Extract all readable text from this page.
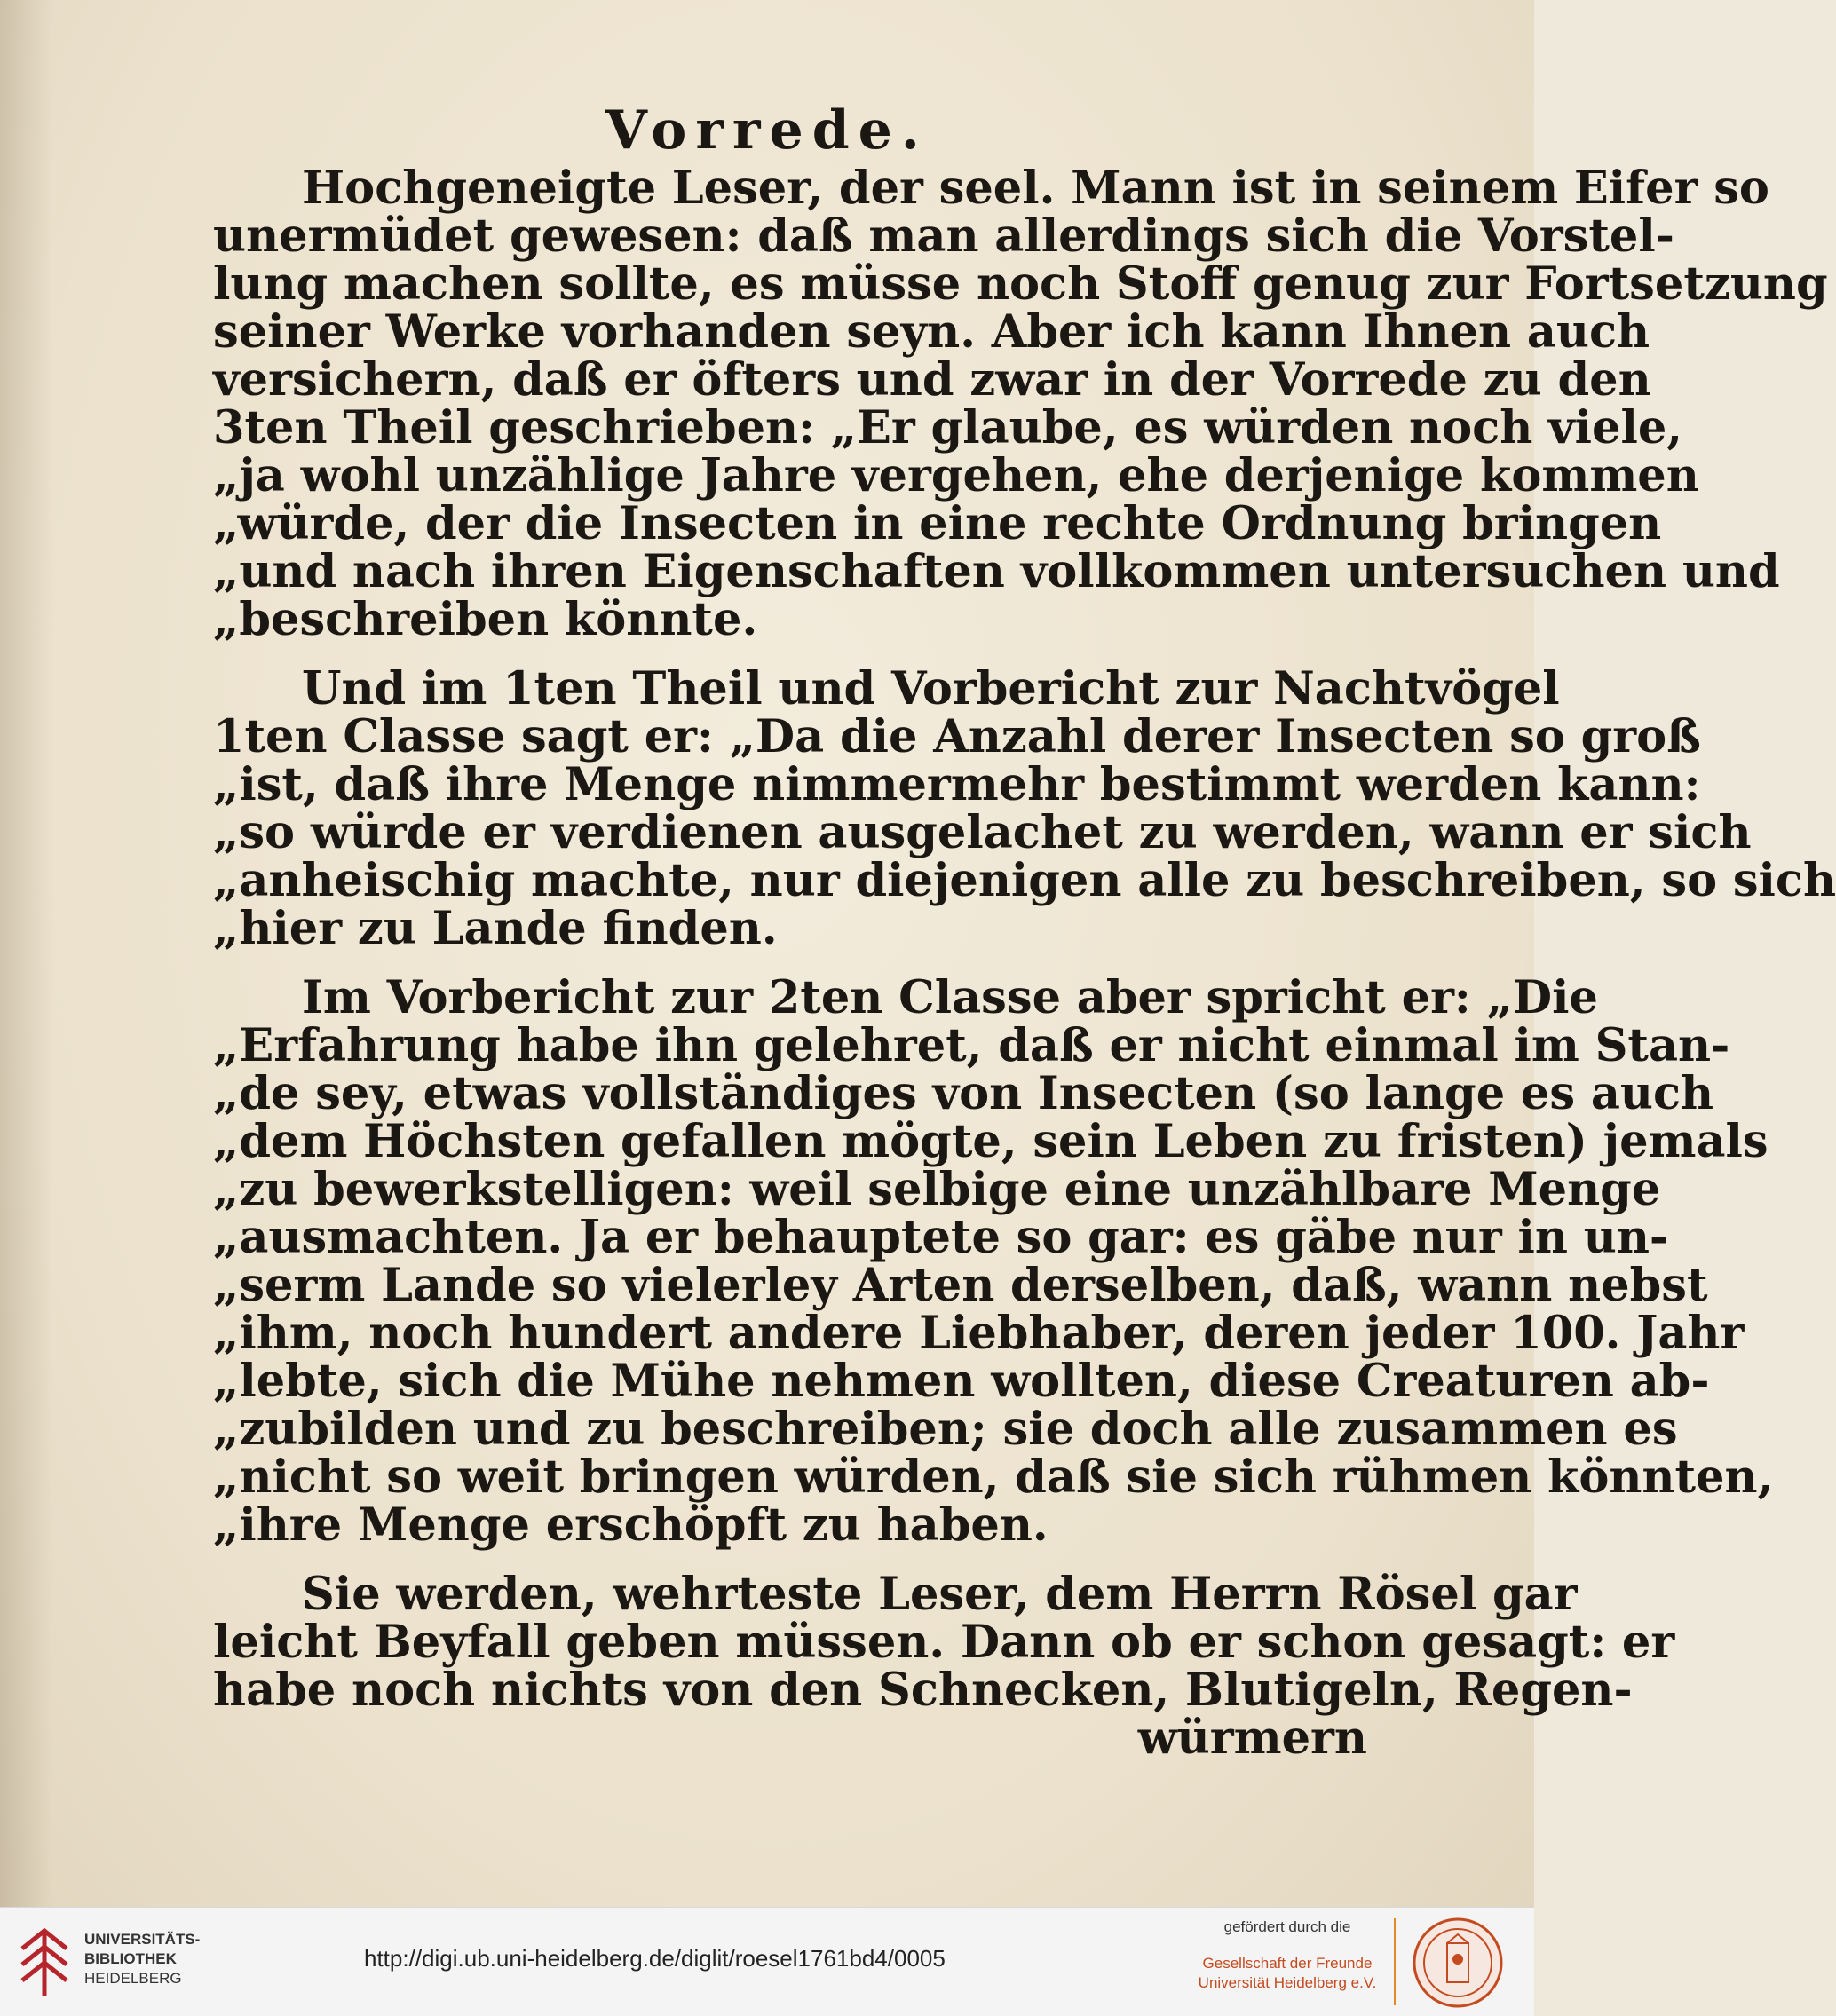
Vorrede.
Hochgeneigte Leser, der seel. Mann ist in seinem Eifer so
unermüdet gewesen: daß man allerdings sich die Vorstel-
lung machen sollte, es müsse noch Stoff genug zur Fortsetzung
seiner Werke vorhanden seyn. Aber ich kann Ihnen auch
versichern, daß er öfters und zwar in der Vorrede zu den
3ten Theil geschrieben: „Er glaube, es würden noch viele,
„ja wohl unzählige Jahre vergehen, ehe derjenige kommen
„würde, der die Insecten in eine rechte Ordnung bringen
„und nach ihren Eigenschaften vollkommen untersuchen und
„beschreiben könnte.
Und im 1ten Theil und Vorbericht zur Nachtvögel
1ten Classe sagt er: „Da die Anzahl derer Insecten so groß
„ist, daß ihre Menge nimmermehr bestimmt werden kann:
„so würde er verdienen ausgelachet zu werden, wann er sich
„anheischig machte, nur diejenigen alle zu beschreiben, so sich
„hier zu Lande finden.
Im Vorbericht zur 2ten Classe aber spricht er: „Die
„Erfahrung habe ihn gelehret, daß er nicht einmal im Stan-
„de sey, etwas vollständiges von Insecten (so lange es auch
„dem Höchsten gefallen mögte, sein Leben zu fristen) jemals
„zu bewerkstelligen: weil selbige eine unzählbare Menge
„ausmachten. Ja er behauptete so gar: es gäbe nur in un-
„serm Lande so vielerley Arten derselben, daß, wann nebst
„ihm, noch hundert andere Liebhaber, deren jeder 100. Jahr
„lebte, sich die Mühe nehmen wollten, diese Creaturen ab-
„zubilden und zu beschreiben; sie doch alle zusammen es
„nicht so weit bringen würden, daß sie sich rühmen könnten,
„ihre Menge erschöpft zu haben.
Sie werden, wehrteste Leser, dem Herrn Rösel gar
leicht Beyfall geben müssen. Dann ob er schon gesagt: er
habe noch nichts von den Schnecken, Blutigeln, Regen-
würmern
UNIVERSITÄTS-
BIBLIOTHEK
HEIDELBERG
http://digi.ub.uni-heidelberg.de/diglit/roesel1761bd4/0005
gefördert durch die
Gesellschaft der Freunde
Universität Heidelberg e.V.
